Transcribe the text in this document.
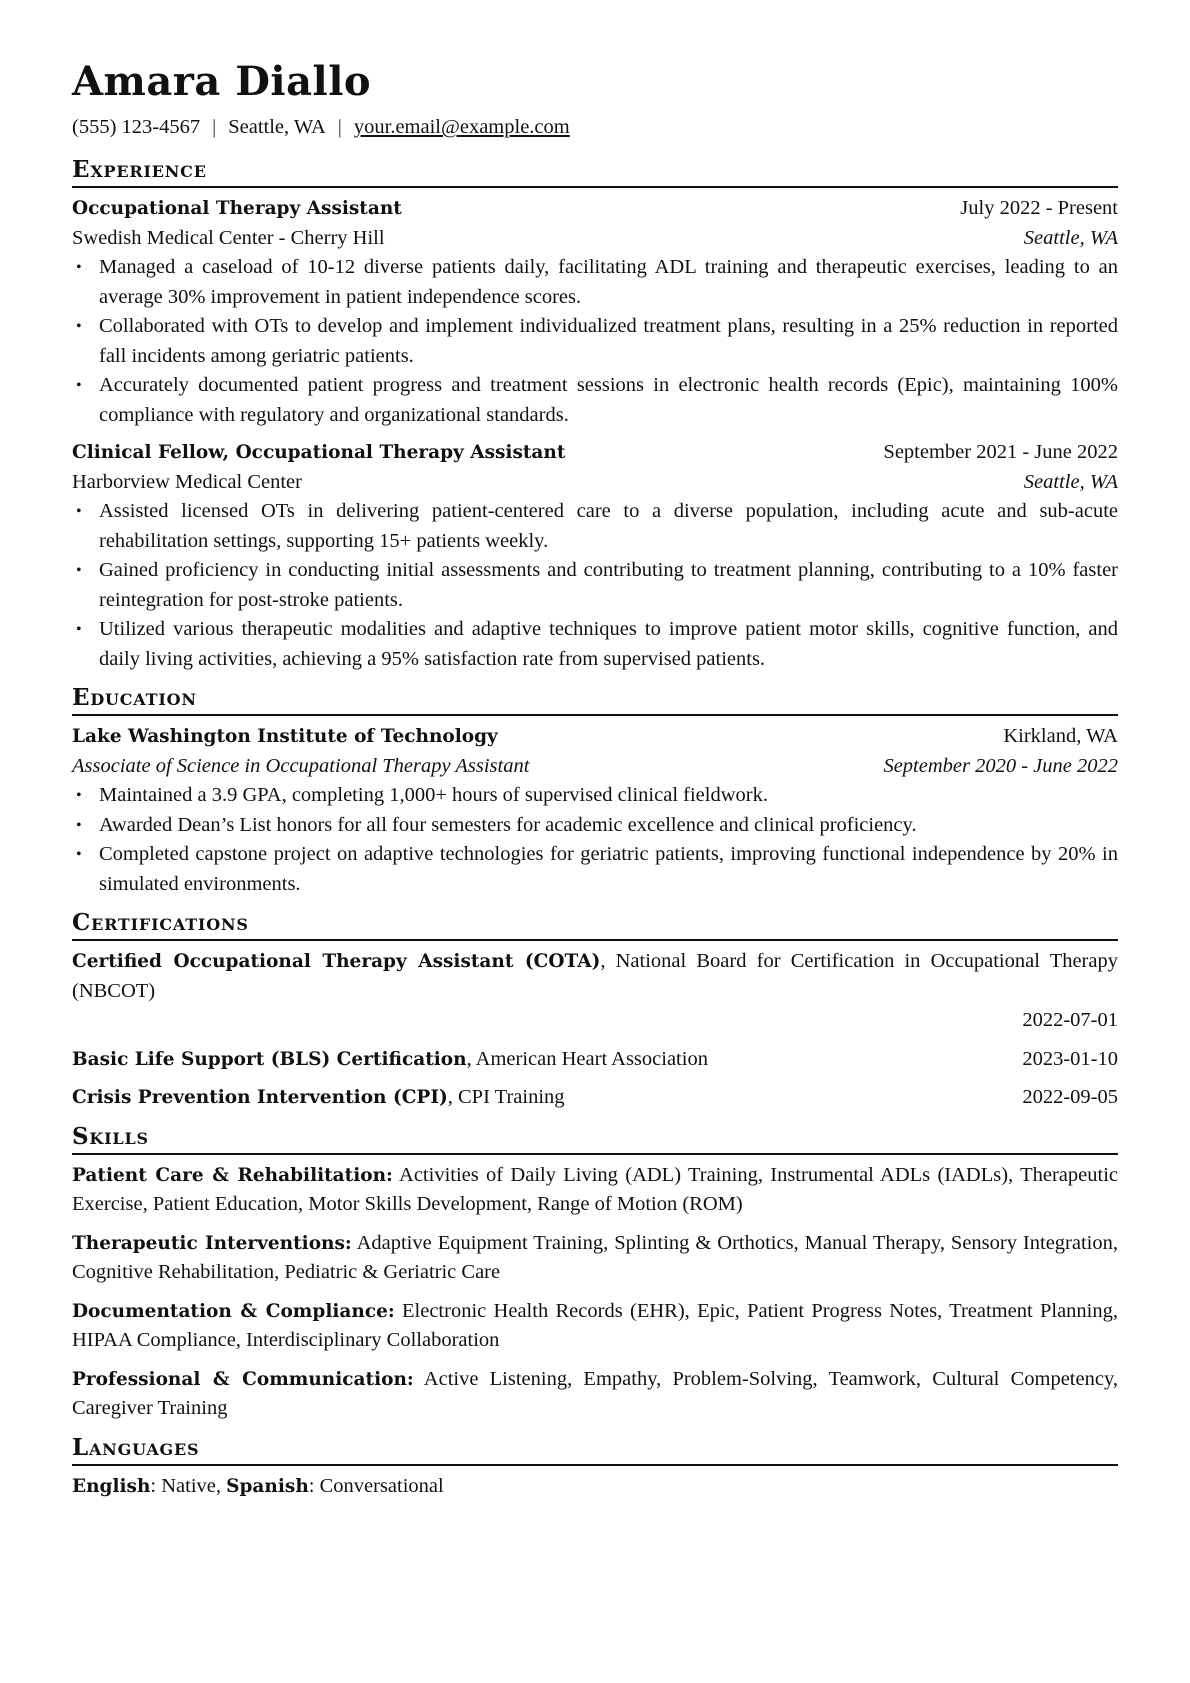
Amara Diallo
(555) 123-4567 | Seattle, WA | your.email@example.com
Experience
Occupational Therapy Assistant	July 2022 - Present
Swedish Medical Center - Cherry Hill	Seattle, WA
• Managed a caseload of 10-12 diverse patients daily, facilitating ADL training and therapeutic exercises, leading to an average 30% improvement in patient independence scores.
• Collaborated with OTs to develop and implement individualized treatment plans, resulting in a 25% reduction in reported fall incidents among geriatric patients.
• Accurately documented patient progress and treatment sessions in electronic health records (Epic), maintaining 100% compliance with regulatory and organizational standards.
Clinical Fellow, Occupational Therapy Assistant	September 2021 - June 2022
Harborview Medical Center	Seattle, WA
• Assisted licensed OTs in delivering patient-centered care to a diverse population, including acute and sub-acute rehabilitation settings, supporting 15+ patients weekly.
• Gained proficiency in conducting initial assessments and contributing to treatment planning, contributing to a 10% faster reintegration for post-stroke patients.
• Utilized various therapeutic modalities and adaptive techniques to improve patient motor skills, cognitive function, and daily living activities, achieving a 95% satisfaction rate from supervised patients.
Education
Lake Washington Institute of Technology	Kirkland, WA
Associate of Science in Occupational Therapy Assistant	September 2020 - June 2022
• Maintained a 3.9 GPA, completing 1,000+ hours of supervised clinical fieldwork.
• Awarded Dean’s List honors for all four semesters for academic excellence and clinical proficiency.
• Completed capstone project on adaptive technologies for geriatric patients, improving functional independence by 20% in simulated environments.
Certifications
Certified Occupational Therapy Assistant (COTA), National Board for Certification in Occupational Therapy (NBCOT)
2022-07-01
Basic Life Support (BLS) Certification, American Heart Association	2023-01-10
Crisis Prevention Intervention (CPI), CPI Training	2022-09-05
Skills
Patient Care & Rehabilitation: Activities of Daily Living (ADL) Training, Instrumental ADLs (IADLs), Therapeutic Exercise, Patient Education, Motor Skills Development, Range of Motion (ROM)
Therapeutic Interventions: Adaptive Equipment Training, Splinting & Orthotics, Manual Therapy, Sensory Integration, Cognitive Rehabilitation, Pediatric & Geriatric Care
Documentation & Compliance: Electronic Health Records (EHR), Epic, Patient Progress Notes, Treatment Planning, HIPAA Compliance, Interdisciplinary Collaboration
Professional & Communication: Active Listening, Empathy, Problem-Solving, Teamwork, Cultural Competency, Caregiver Training
Languages
English: Native, Spanish: Conversational
